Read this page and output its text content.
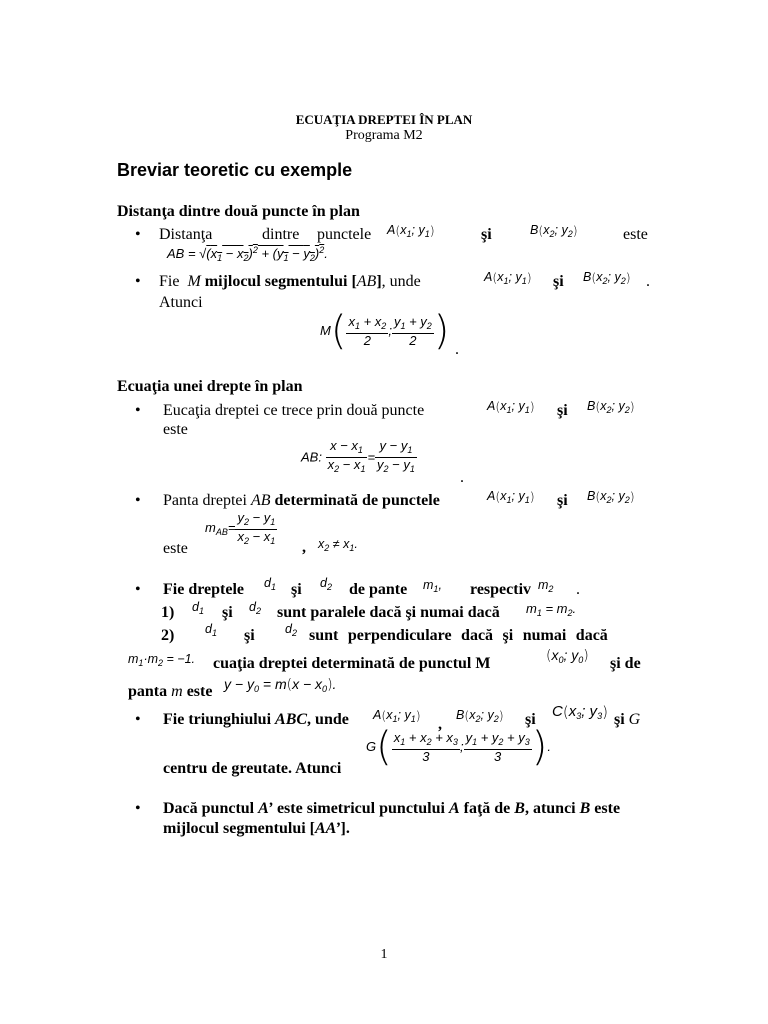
ECUAŢIA DREPTEI ÎN PLAN
Programa M2
Breviar teoretic cu exemple
Distanţa dintre două puncte în plan
• Distanţa	dintre punctele $A(x_1$; $y_1$)	şi	$B(x_2$; $y_2$)	este
AB = $√(x_1 - x_2)^2 + (y_1 - y_2)^2$.
• Fie M mijlocul segmentului [AB], unde	$A(x_1$; $y_1$) şi $B(x_2$; $y_2$) .
Atunci
$M( \frac{x_1 + x_2}{2}$ ; $\frac{y_1 + y_2}{2}$ ) .
Ecuaţia unei drepte în plan
• Eucaţia dreptei ce trece prin două puncte	$A(x_1$; $y_1$) şi $B(x_2$; $y_2$)
este
AB: $\frac{x - x_1}{x_2 - x_1} = \frac{y - y_1}{y_2 - y_1}$
.
• Panta dreptei AB determinată de punctele	$A(x_1$; $y_1$) şi $B(x_2$; $y_2$)
$m_{AB}= \frac{y_2 - y_1}{x_2 - x_1}$
este	, $x_2 \ne x_1$.
• Fie dreptele $d_1$ şi $d_2$ de pante $m_1$, respectiv $m_2$ .
1) $d_1$ şi $d_2$ sunt paralele dacă şi numai dacă $m_1 = m_2$.
2) $d_1$ şi $d_2$ sunt perpendiculare dacă şi numai dacă
$m_1\cdot m_2 = -1$. cuaţia dreptei determinată de punctul M	($x_0$; $y_0$) şi de
panta m este $y - y_0 = m(x - x_0)$.
• Fie triunghiului ABC, unde $A(x_1$; $y_1$)
,
$B(x_2$; $y_2$) şi $C(x_3$; $y_3$) şi G
$G( \frac{x_1 + x_2 + x_3}{3}$ ; $\frac{y_1 + y_2 + y_3}{3}$ ).
centru de greutate. Atunci
• Dacă punctul A’ este simetricul punctului A faţă de B, atunci B este
mijlocul segmentului [AA’].
1
